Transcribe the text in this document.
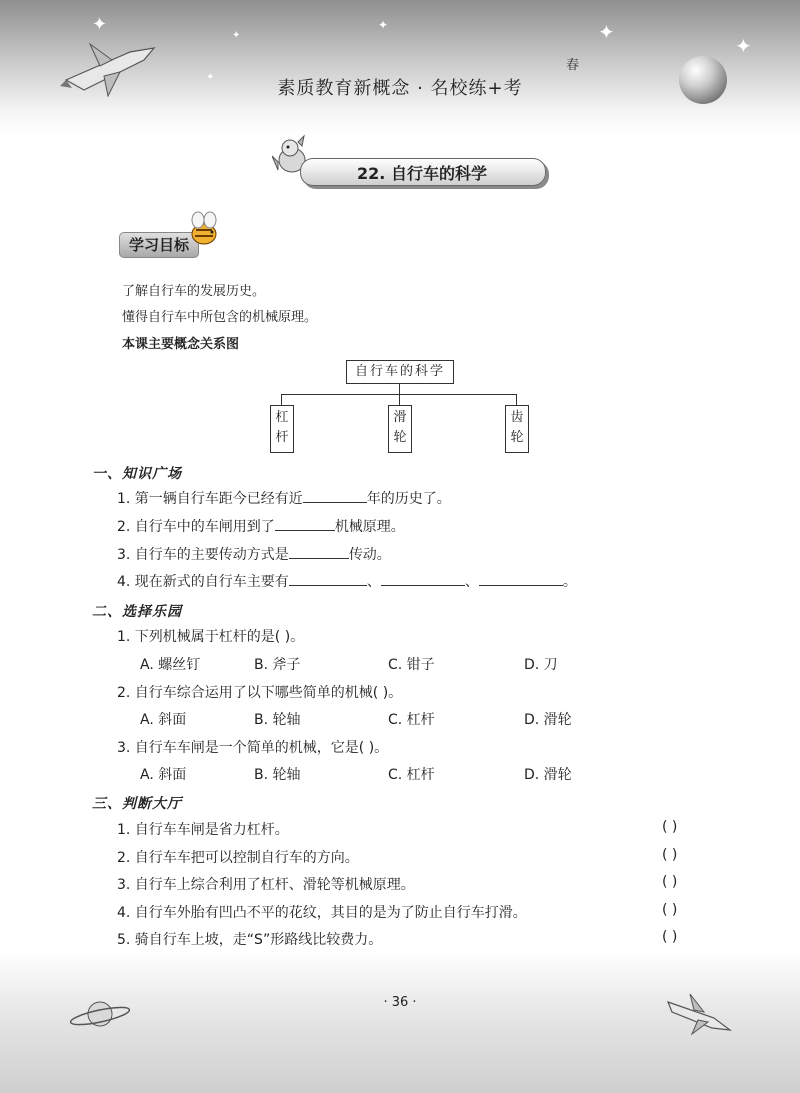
✦
✦
✦
✦
✦
✦
素质教育新概念 · 名校练+考
春
22. 自行车的科学
学习目标
了解自行车的发展历史。
懂得自行车中所包含的机械原理。
本课主要概念关系图
自行车的科学
杠
杆
滑
轮
齿
轮
一、知识广场
1. 第一辆自行车距今已经有近	年的历史了。
2. 自行车中的车闸用到了	机械原理。
3. 自行车的主要传动方式是	传动。
4. 现在新式的自行车主要有	、	、	。
二、选择乐园
1. 下列机械属于杠杆的是( )。
A. 螺丝钉	B. 斧子	C. 钳子	D. 刀
2. 自行车综合运用了以下哪些简单的机械( )。
A. 斜面	B. 轮轴	C. 杠杆	D. 滑轮
3. 自行车车闸是一个简单的机械，它是( )。
A. 斜面	B. 轮轴	C. 杠杆	D. 滑轮
三、判断大厅
1. 自行车车闸是省力杠杆。	( )
2. 自行车车把可以控制自行车的方向。	( )
3. 自行车上综合利用了杠杆、滑轮等机械原理。	( )
4. 自行车外胎有凹凸不平的花纹，其目的是为了防止自行车打滑。	( )
5. 骑自行车上坡，走“S”形路线比较费力。	( )
· 36 ·
